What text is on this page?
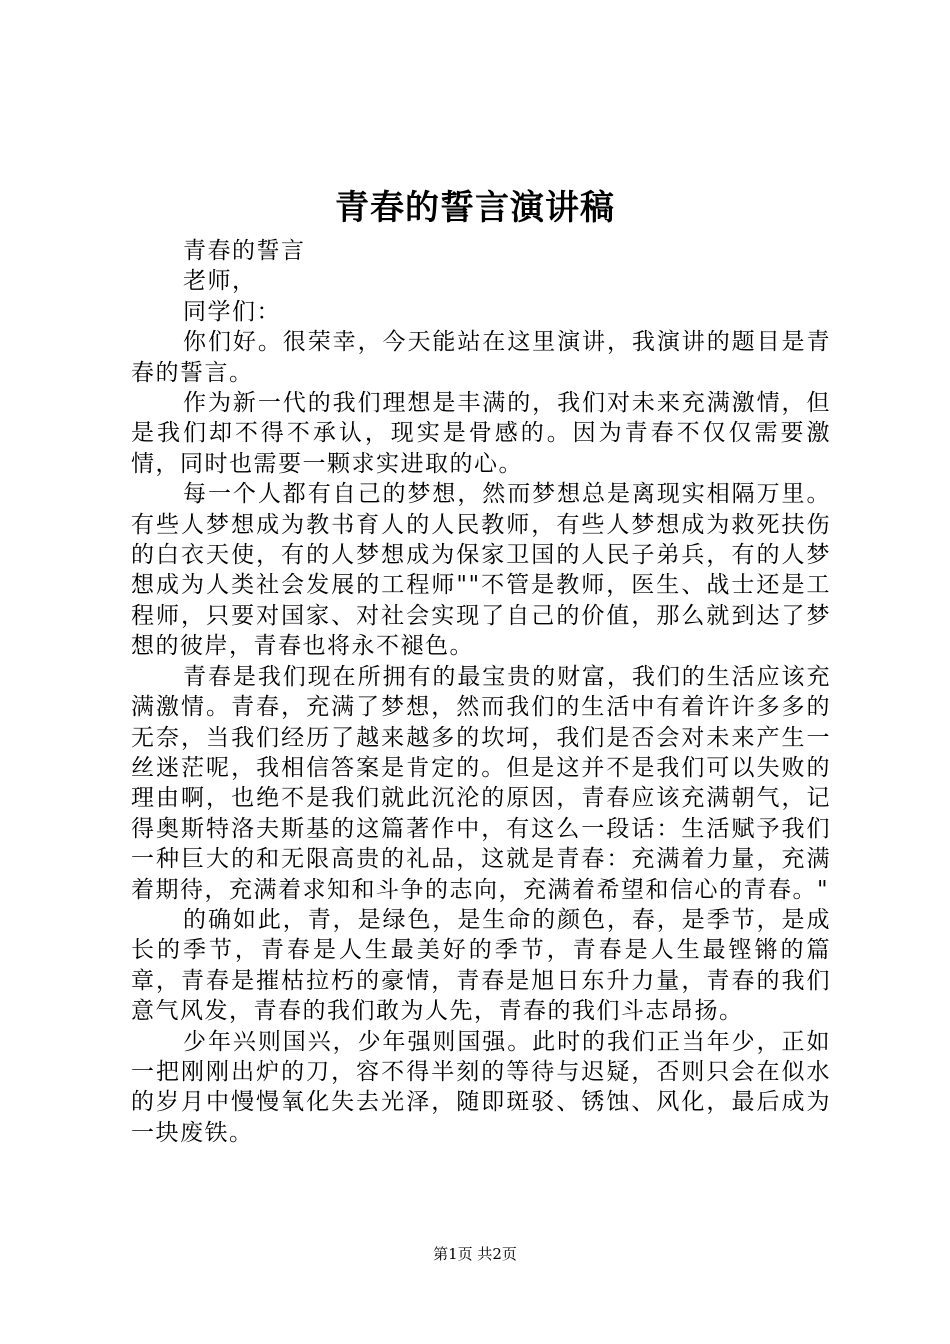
青春的誓言演讲稿

青春的誓言

老师，

同学们：

你们好。很荣幸，今天能站在这里演讲，我演讲的题目是青春的誓言。

作为新一代的我们理想是丰满的，我们对未来充满激情，但是我们却不得不承认，现实是骨感的。因为青春不仅仅需要激情，同时也需要一颗求实进取的心。

每一个人都有自己的梦想，然而梦想总是离现实相隔万里。有些人梦想成为教书育人的人民教师，有些人梦想成为救死扶伤的白衣天使，有的人梦想成为保家卫国的人民子弟兵，有的人梦想成为人类社会发展的工程师""不管是教师，医生、战士还是工程师，只要对国家、对社会实现了自己的价值，那么就到达了梦想的彼岸，青春也将永不褪色。

青春是我们现在所拥有的最宝贵的财富，我们的生活应该充满激情。青春，充满了梦想，然而我们的生活中有着许许多多的无奈，当我们经历了越来越多的坎坷，我们是否会对未来产生一丝迷茫呢，我相信答案是肯定的。但是这并不是我们可以失败的理由啊，也绝不是我们就此沉沦的原因，青春应该充满朝气，记得奥斯特洛夫斯基的这篇著作中，有这么一段话：生活赋予我们一种巨大的和无限高贵的礼品，这就是青春：充满着力量，充满着期待，充满着求知和斗争的志向，充满着希望和信心的青春。"

的确如此，青，是绿色，是生命的颜色，春，是季节，是成长的季节，青春是人生最美好的季节，青春是人生最铿锵的篇章，青春是摧枯拉朽的豪情，青春是旭日东升力量，青春的我们意气风发，青春的我们敢为人先，青春的我们斗志昂扬。

少年兴则国兴，少年强则国强。此时的我们正当年少，正如一把刚刚出炉的刀，容不得半刻的等待与迟疑，否则只会在似水的岁月中慢慢氧化失去光泽，随即斑驳、锈蚀、风化，最后成为一块废铁。

第1页 共2页
